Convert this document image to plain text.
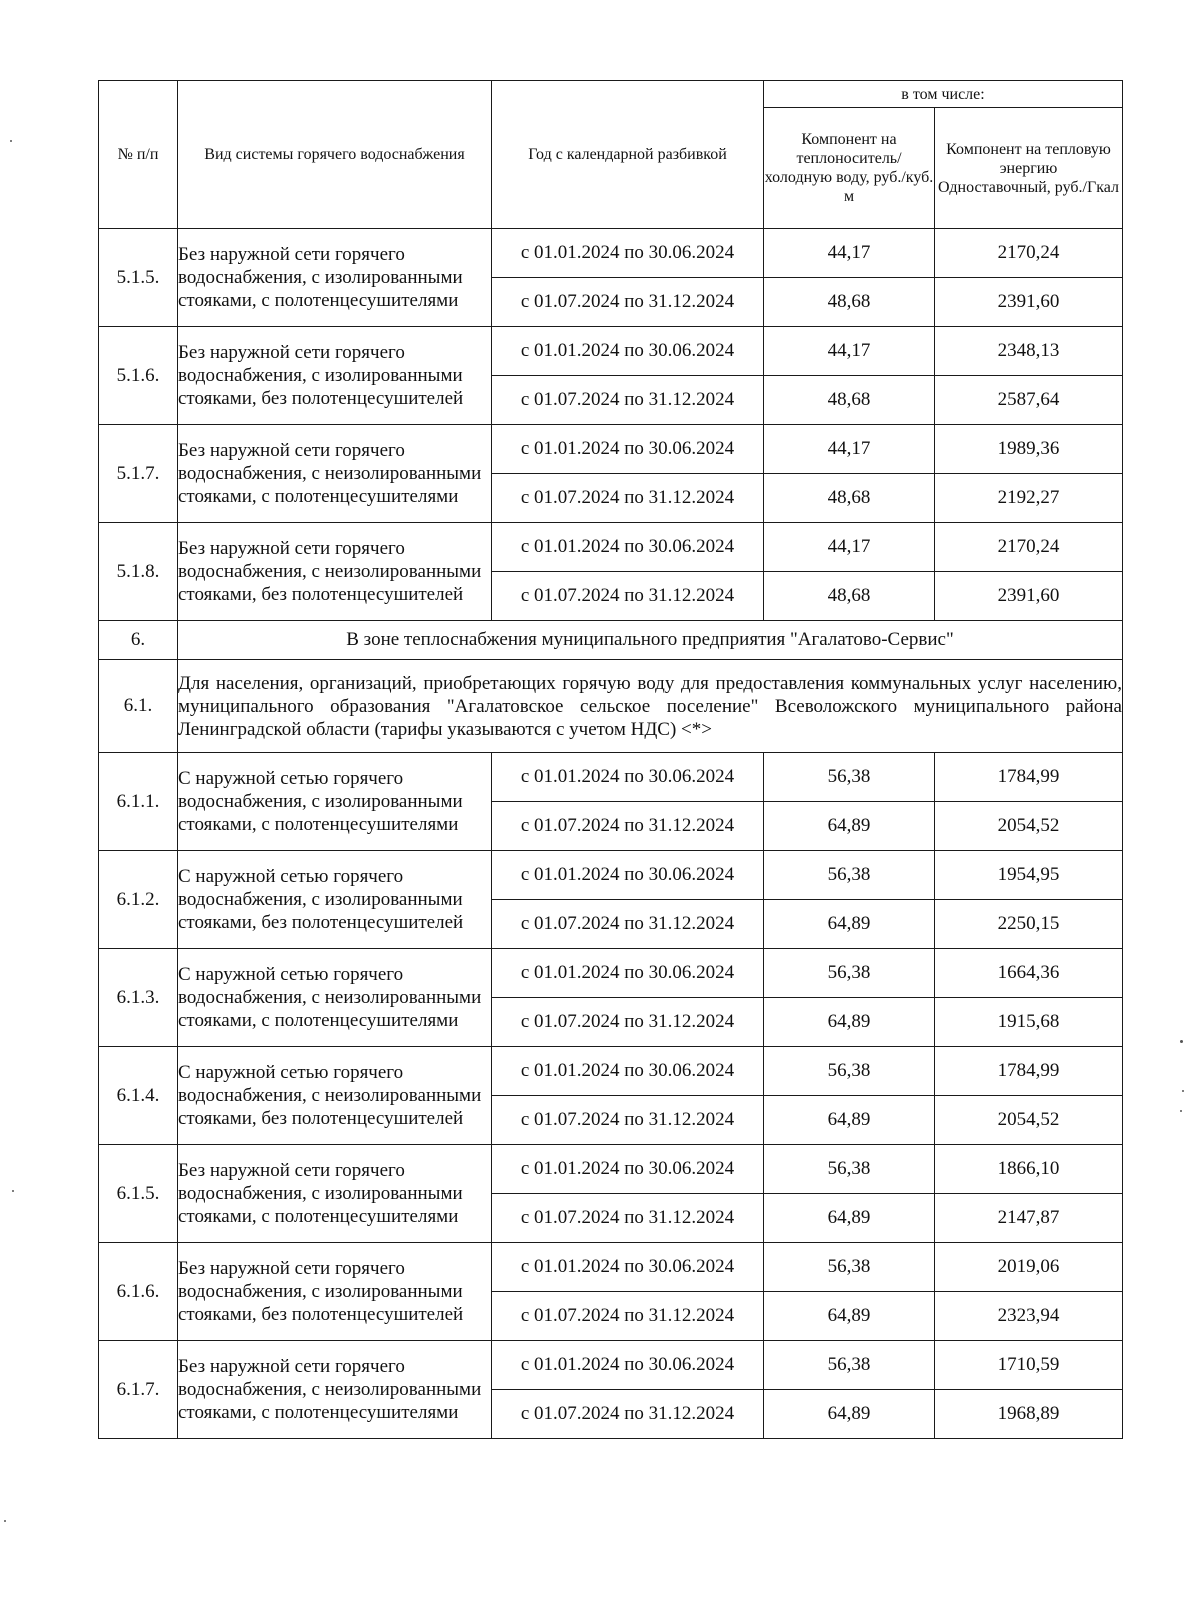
№ п/п	Вид системы горячего водоснабжения	Год с календарной разбивкой	в том числе:	
			Компонент на теплоноситель/ холодную воду, руб./куб. м	Компонент на тепловую энергию
Одноставочный, руб./Гкал
5.1.5.	Без наружной сети горячего водоснабжения, с изолированными стояками, с полотенцесушителями	с 01.01.2024 по 30.06.2024	44,17	2170,24
		с 01.07.2024 по 31.12.2024	48,68	2391,60
5.1.6.	Без наружной сети горячего водоснабжения, с изолированными стояками, без полотенцесушителей	с 01.01.2024 по 30.06.2024	44,17	2348,13
		с 01.07.2024 по 31.12.2024	48,68	2587,64
5.1.7.	Без наружной сети горячего водоснабжения, с неизолированными стояками, с полотенцесушителями	с 01.01.2024 по 30.06.2024	44,17	1989,36
		с 01.07.2024 по 31.12.2024	48,68	2192,27
5.1.8.	Без наружной сети горячего водоснабжения, с неизолированными стояками, без полотенцесушителей	с 01.01.2024 по 30.06.2024	44,17	2170,24
		с 01.07.2024 по 31.12.2024	48,68	2391,60
6.	В зоне теплоснабжения муниципального предприятия "Агалатово-Сервис"			
6.1.	Для населения, организаций, приобретающих горячую воду для предоставления коммунальных услуг населению, муниципального образования "Агалатовское сельское поселение" Всеволожского муниципального района Ленинградской области (тарифы указываются с учетом НДС) <*>			
6.1.1.	С наружной сетью горячего водоснабжения, с изолированными стояками, с полотенцесушителями	с 01.01.2024 по 30.06.2024	56,38	1784,99
		с 01.07.2024 по 31.12.2024	64,89	2054,52
6.1.2.	С наружной сетью горячего водоснабжения, с изолированными стояками, без полотенцесушителей	с 01.01.2024 по 30.06.2024	56,38	1954,95
		с 01.07.2024 по 31.12.2024	64,89	2250,15
6.1.3.	С наружной сетью горячего водоснабжения, с неизолированными стояками, с полотенцесушителями	с 01.01.2024 по 30.06.2024	56,38	1664,36
		с 01.07.2024 по 31.12.2024	64,89	1915,68
6.1.4.	С наружной сетью горячего водоснабжения, с неизолированными стояками, без полотенцесушителей	с 01.01.2024 по 30.06.2024	56,38	1784,99
		с 01.07.2024 по 31.12.2024	64,89	2054,52
6.1.5.	Без наружной сети горячего водоснабжения, с изолированными стояками, с полотенцесушителями	с 01.01.2024 по 30.06.2024	56,38	1866,10
		с 01.07.2024 по 31.12.2024	64,89	2147,87
6.1.6.	Без наружной сети горячего водоснабжения, с изолированными стояками, без полотенцесушителей	с 01.01.2024 по 30.06.2024	56,38	2019,06
		с 01.07.2024 по 31.12.2024	64,89	2323,94
6.1.7.	Без наружной сети горячего водоснабжения, с неизолированными стояками, с полотенцесушителями	с 01.01.2024 по 30.06.2024	56,38	1710,59
		с 01.07.2024 по 31.12.2024	64,89	1968,89
